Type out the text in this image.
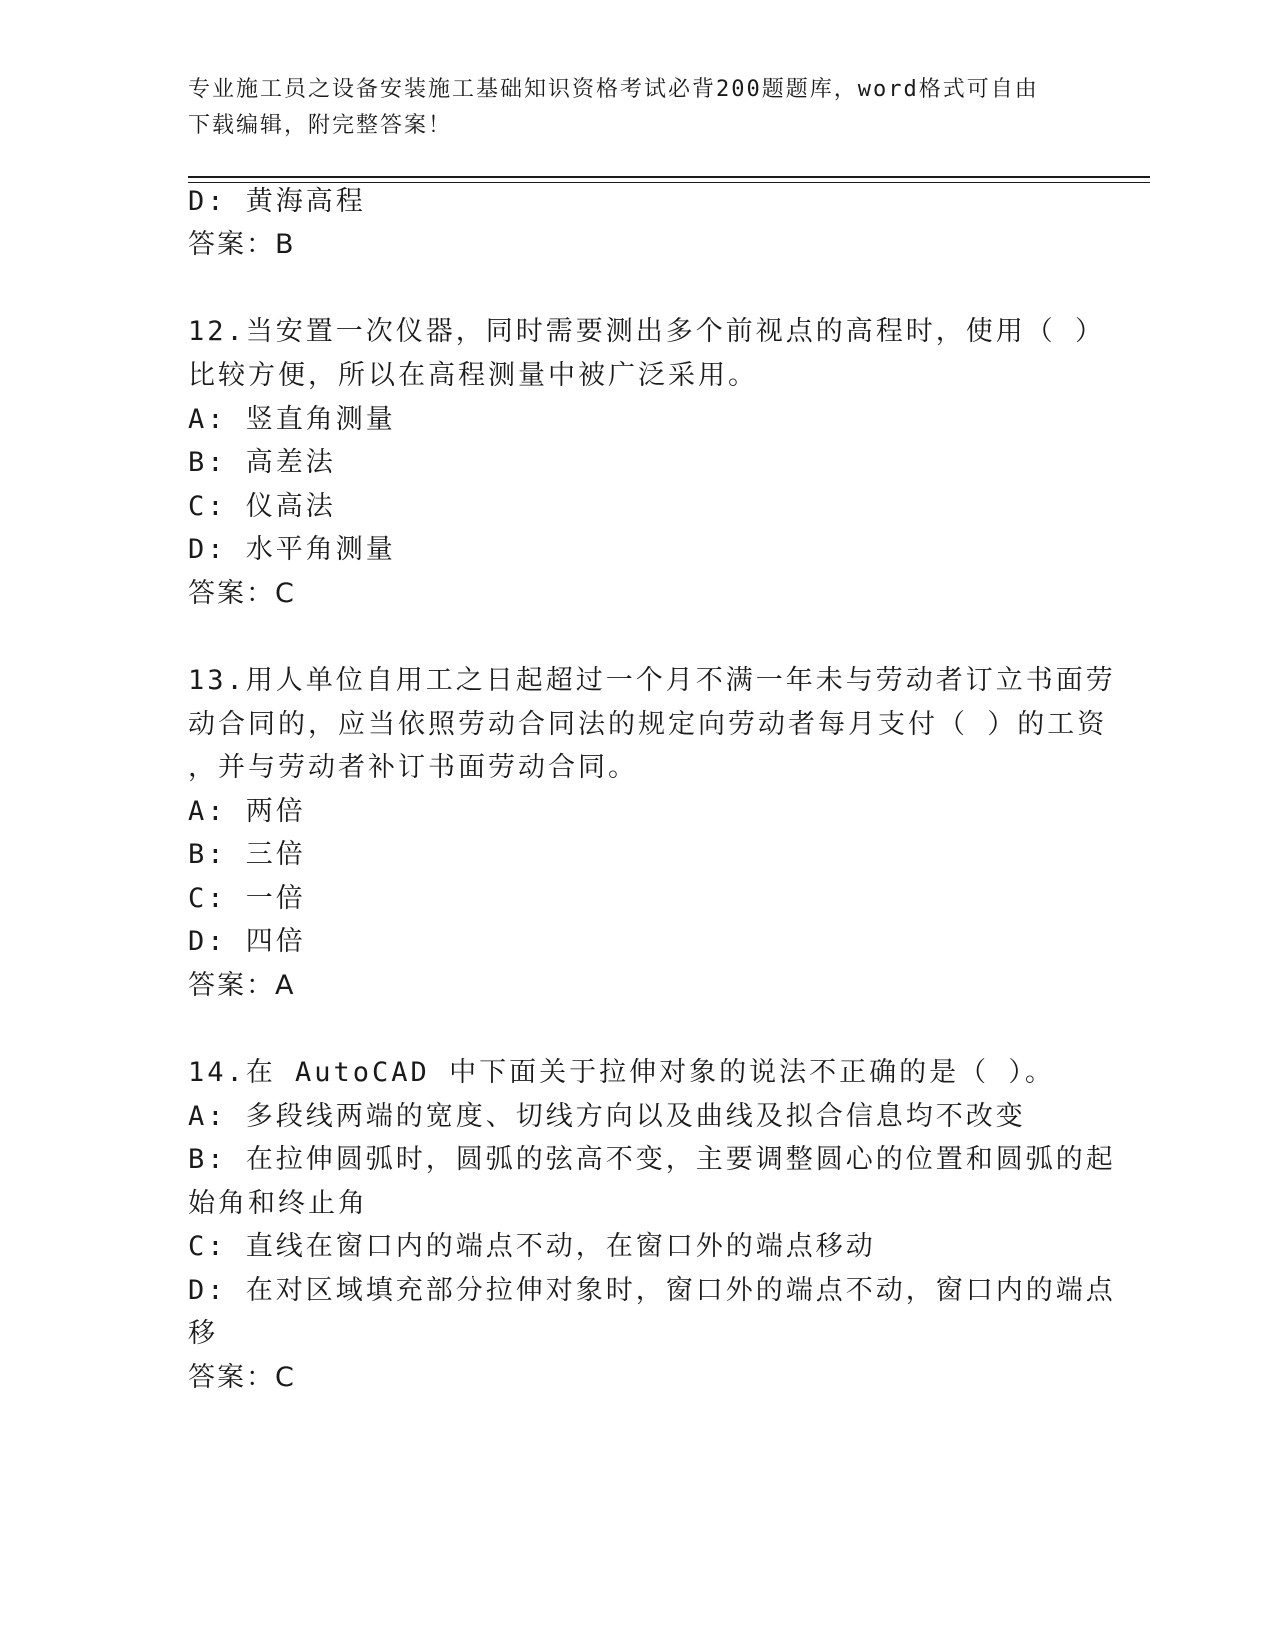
专业施工员之设备安装施工基础知识资格考试必背200题题库，word格式可自由
下载编辑，附完整答案！
D: 黄海高程
答案：B
12.当安置一次仪器，同时需要测出多个前视点的高程时，使用（ ）
比较方便，所以在高程测量中被广泛采用。
A: 竖直角测量
B: 高差法
C: 仪高法
D: 水平角测量
答案：C
13.用人单位自用工之日起超过一个月不满一年未与劳动者订立书面劳
动合同的，应当依照劳动合同法的规定向劳动者每月支付（ ）的工资
，并与劳动者补订书面劳动合同。
A: 两倍
B: 三倍
C: 一倍
D: 四倍
答案：A
14.在 AutoCAD 中下面关于拉伸对象的说法不正确的是（ ）。
A: 多段线两端的宽度、切线方向以及曲线及拟合信息均不改变
B: 在拉伸圆弧时，圆弧的弦高不变，主要调整圆心的位置和圆弧的起
始角和终止角
C: 直线在窗口内的端点不动，在窗口外的端点移动
D: 在对区域填充部分拉伸对象时，窗口外的端点不动，窗口内的端点
移
答案：C
